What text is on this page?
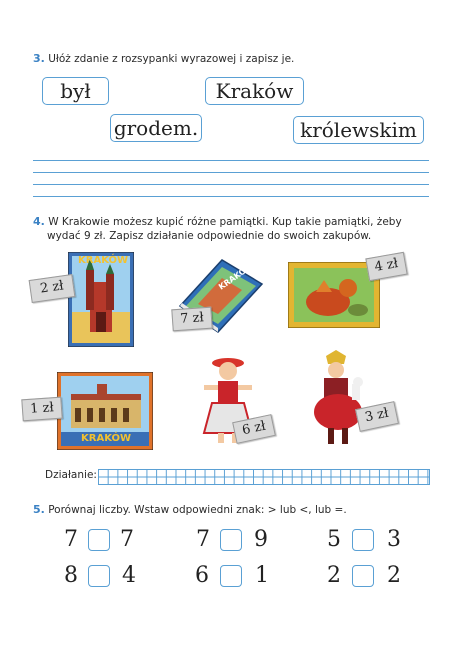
3. Ułóż zdanie z rozsypanki wyrazowej i zapisz je.
był	Kraków
grodem.	królewskim
4. W Krakowie możesz kupić różne pamiątki. Kup takie pamiątki, żeby
wydać 9 zł. Zapisz działanie odpowiednie do swoich zakupów.
KRAKÓW
2 zł	KRAKÓW
7 zł
4 zł
KRAKÓW
1 zł
6 zł
3 zł
Działanie:
5. Porównaj liczby. Wstaw odpowiedni znak: > lub <, lub =.
7 7	7 9	5 3
8 4	6 1	2 2
